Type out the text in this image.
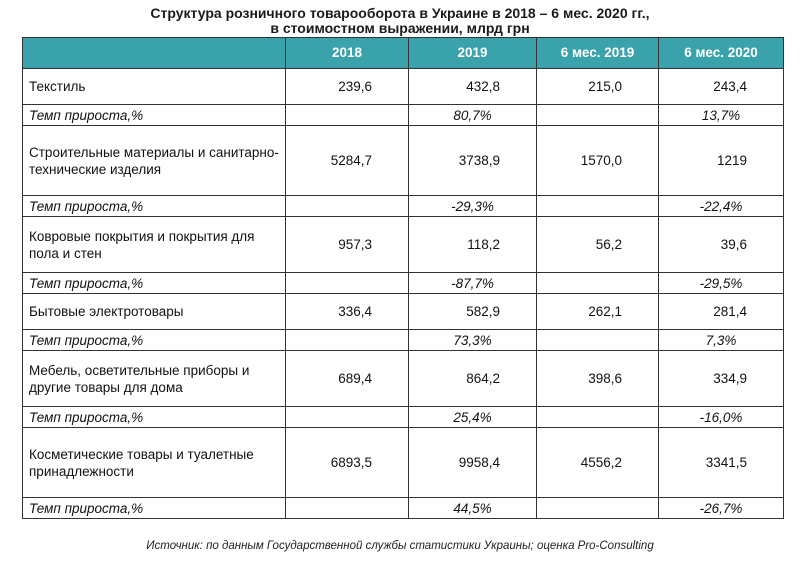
Структура розничного товарооборота в Украине в 2018 – 6 мес. 2020 гг.,
в стоимостном выражении, млрд грн
	2018	2019	6 мес. 2019	6 мес. 2020
Текстиль	239,6	432,8	215,0	243,4
Темп прироста,%		80,7%		13,7%
Строительные материалы и санитарно-технические изделия	5284,7	3738,9	1570,0	1219
Темп прироста,%		-29,3%		-22,4%
Ковровые покрытия и покрытия для пола и стен	957,3	118,2	56,2	39,6
Темп прироста,%		-87,7%		-29,5%
Бытовые электротовары	336,4	582,9	262,1	281,4
Темп прироста,%		73,3%		7,3%
Мебель, осветительные приборы и другие товары для дома	689,4	864,2	398,6	334,9
Темп прироста,%		25,4%		-16,0%
Косметические товары и туалетные принадлежности	6893,5	9958,4	4556,2	3341,5
Темп прироста,%		44,5%		-26,7%
Источник: по данным Государственной службы статистики Украины; оценка Pro-Consulting
